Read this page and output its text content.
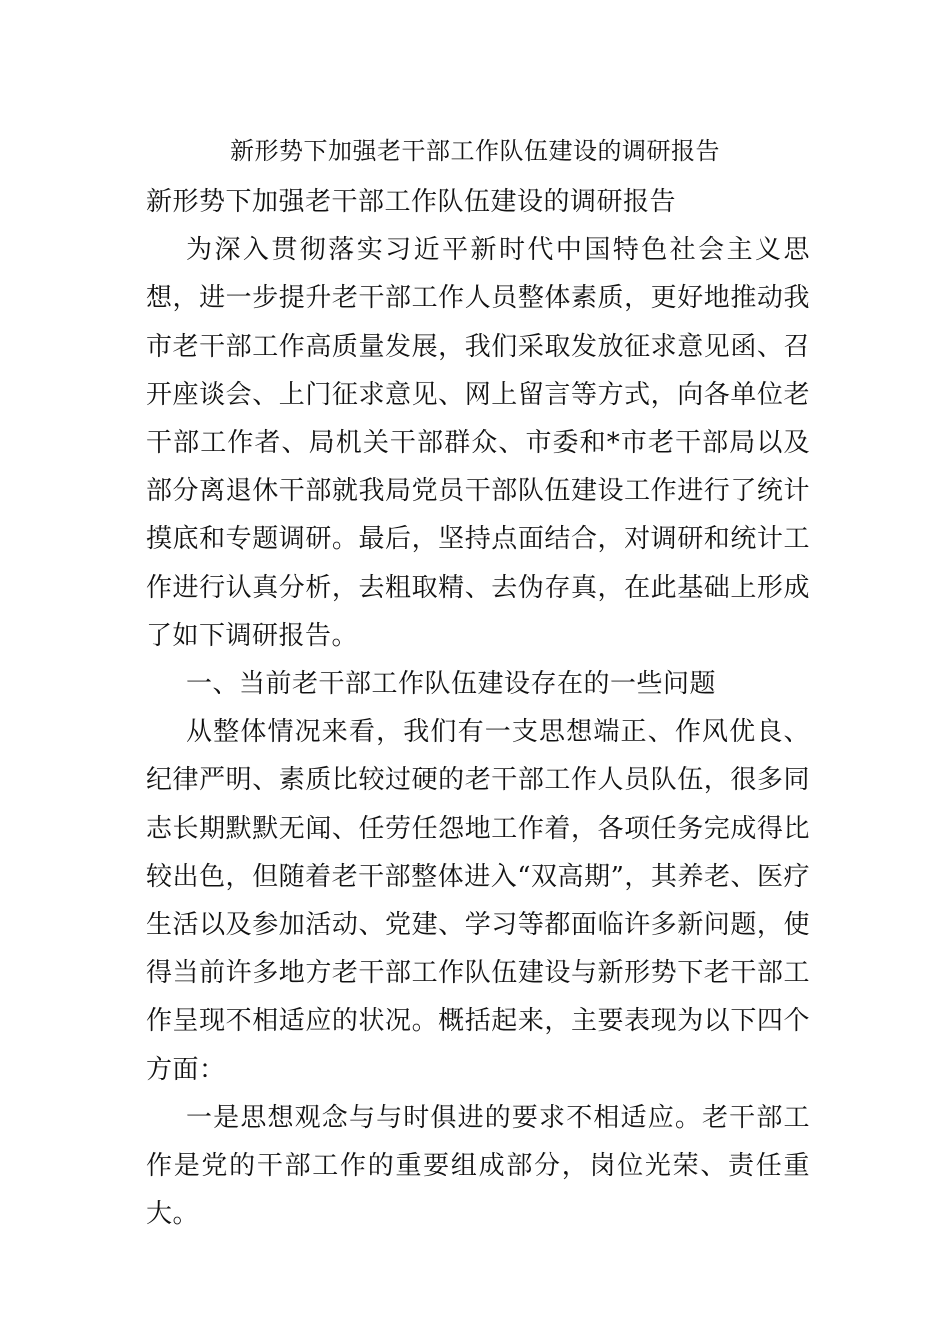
新形势下加强老干部工作队伍建设的调研报告

新形势下加强老干部工作队伍建设的调研报告

为深入贯彻落实习近平新时代中国特色社会主义思想，进一步提升老干部工作人员整体素质，更好地推动我市老干部工作高质量发展，我们采取发放征求意见函、召开座谈会、上门征求意见、网上留言等方式，向各单位老干部工作者、局机关干部群众、市委和*市老干部局以及部分离退休干部就我局党员干部队伍建设工作进行了统计摸底和专题调研。最后，坚持点面结合，对调研和统计工作进行认真分析，去粗取精、去伪存真，在此基础上形成了如下调研报告。

一、当前老干部工作队伍建设存在的一些问题

从整体情况来看，我们有一支思想端正、作风优良、纪律严明、素质比较过硬的老干部工作人员队伍，很多同志长期默默无闻、任劳任怨地工作着，各项任务完成得比较出色，但随着老干部整体进入“双高期”，其养老、医疗生活以及参加活动、党建、学习等都面临许多新问题，使得当前许多地方老干部工作队伍建设与新形势下老干部工作呈现不相适应的状况。概括起来，主要表现为以下四个方面：

一是思想观念与与时俱进的要求不相适应。老干部工作是党的干部工作的重要组成部分，岗位光荣、责任重大。
